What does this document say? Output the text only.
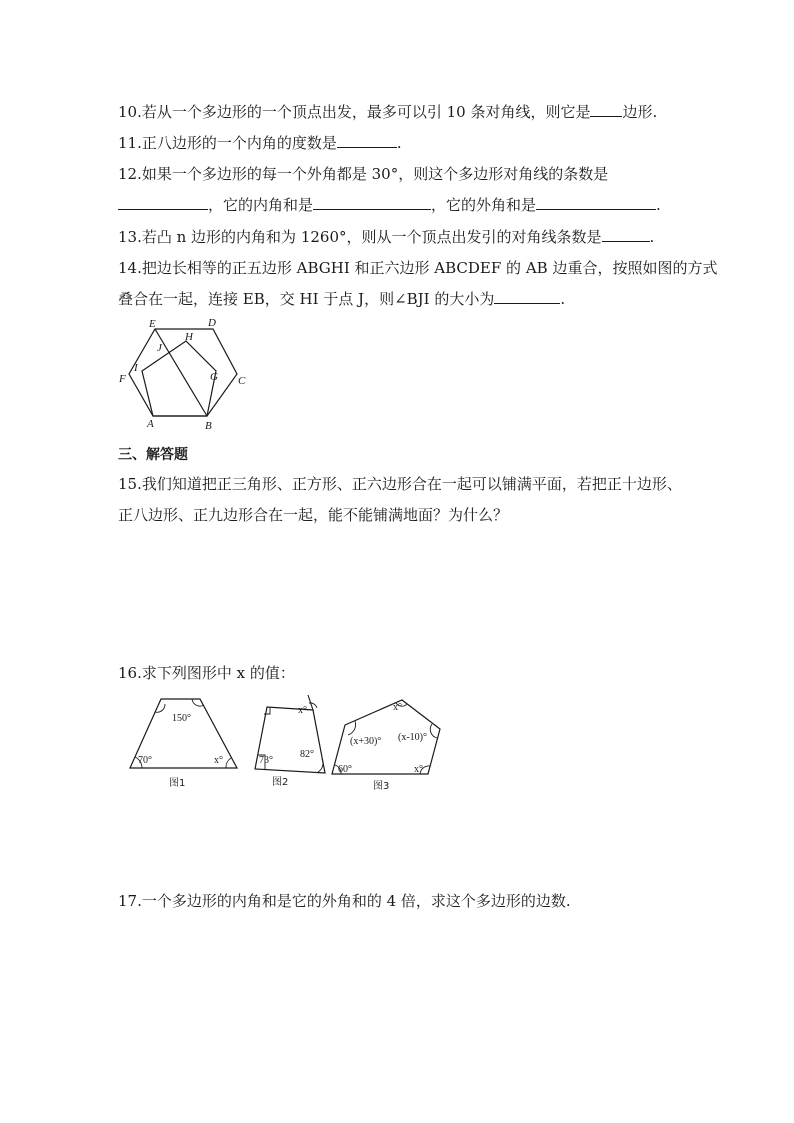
10.若从一个多边形的一个顶点出发，最多可以引 10 条对角线，则它是 边形.
11.正八边形的一个内角的度数是	.
12.如果一个多边形的每一个外角都是 30°，则这个多边形对角线的条数是
，它的内角和是	，它的外角和是	.
13.若凸 n 边形的内角和为 1260°，则从一个顶点出发引的对角线条数是	.
14.把边长相等的正五边形 ABGHI 和正六边形 ABCDEF 的 AB 边重合，按照如图的方式
叠合在一起，连接 EB，交 HI 于点 J，则∠BJI 的大小为	.
E	D
J
H
I
G
F	C
A	B
三、解答题
15.我们知道把正三角形、正方形、正六边形合在一起可以铺满平面，若把正十边形、
正八边形、正九边形合在一起，能不能铺满地面？为什么？
16.求下列图形中 x 的值：
150°
70°	x°
图1
x°
73°
82°
图2
x°
(x+30)° (x-10)°
60°	x°
图3
17.一个多边形的内角和是它的外角和的 4 倍，求这个多边形的边数.
